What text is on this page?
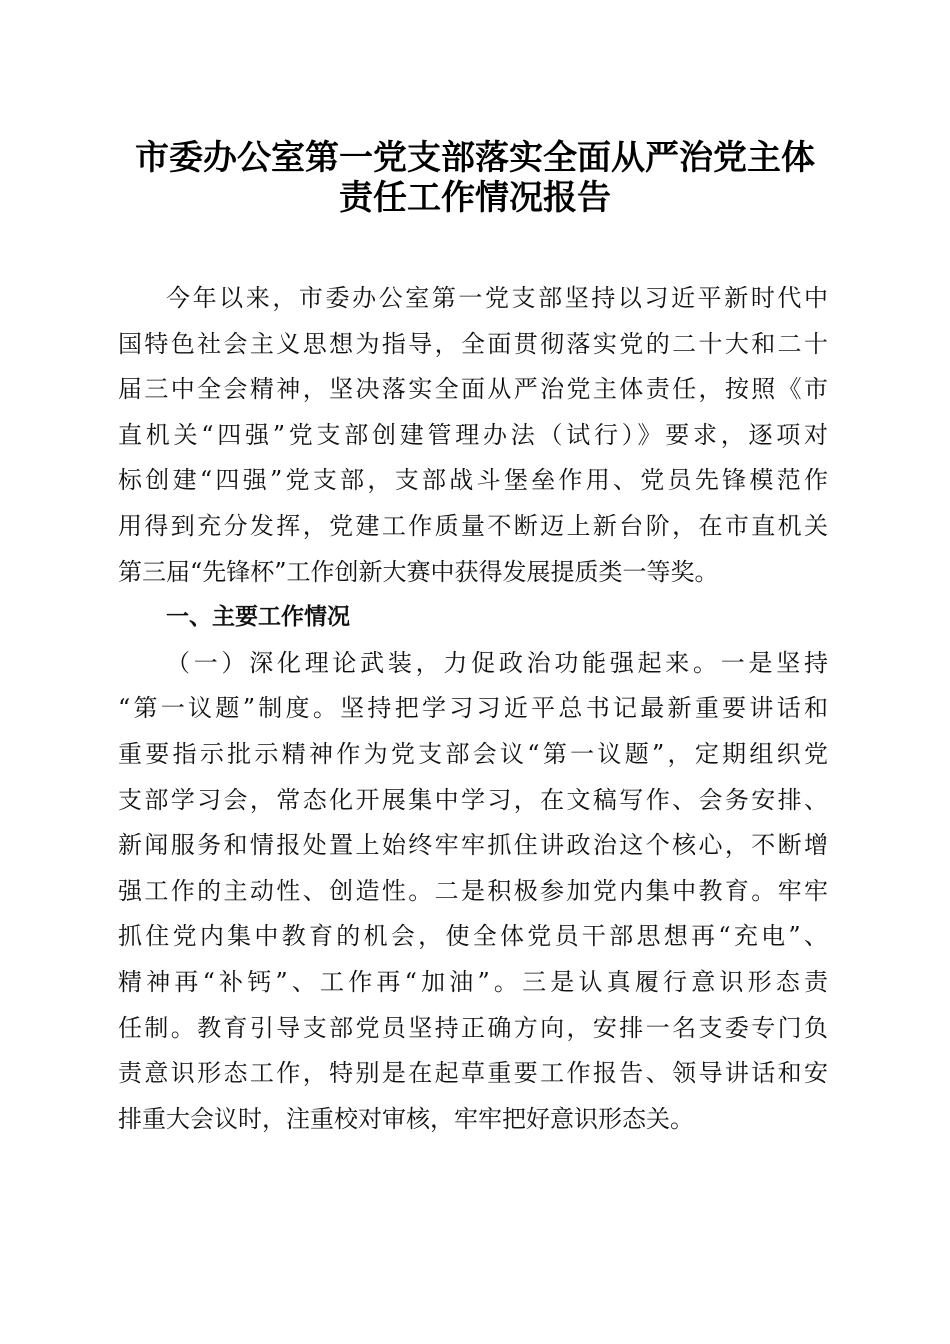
市委办公室第一党支部落实全面从严治党主体
责任工作情况报告
今年以来，市委办公室第一党支部坚持以习近平新时代中
国特色社会主义思想为指导，全面贯彻落实党的二十大和二十
届三中全会精神，坚决落实全面从严治党主体责任，按照《市
直机关“四强”党支部创建管理办法（试行）》要求，逐项对
标创建“四强”党支部，支部战斗堡垒作用、党员先锋模范作
用得到充分发挥，党建工作质量不断迈上新台阶，在市直机关
第三届“先锋杯”工作创新大赛中获得发展提质类一等奖。
一、主要工作情况
（一）深化理论武装，力促政治功能强起来。一是坚持
“第一议题”制度。坚持把学习习近平总书记最新重要讲话和
重要指示批示精神作为党支部会议“第一议题”，定期组织党
支部学习会，常态化开展集中学习，在文稿写作、会务安排、
新闻服务和情报处置上始终牢牢抓住讲政治这个核心，不断增
强工作的主动性、创造性。二是积极参加党内集中教育。牢牢
抓住党内集中教育的机会，使全体党员干部思想再“充电”、
精神再“补钙”、工作再“加油”。三是认真履行意识形态责
任制。教育引导支部党员坚持正确方向，安排一名支委专门负
责意识形态工作，特别是在起草重要工作报告、领导讲话和安
排重大会议时，注重校对审核，牢牢把好意识形态关。
